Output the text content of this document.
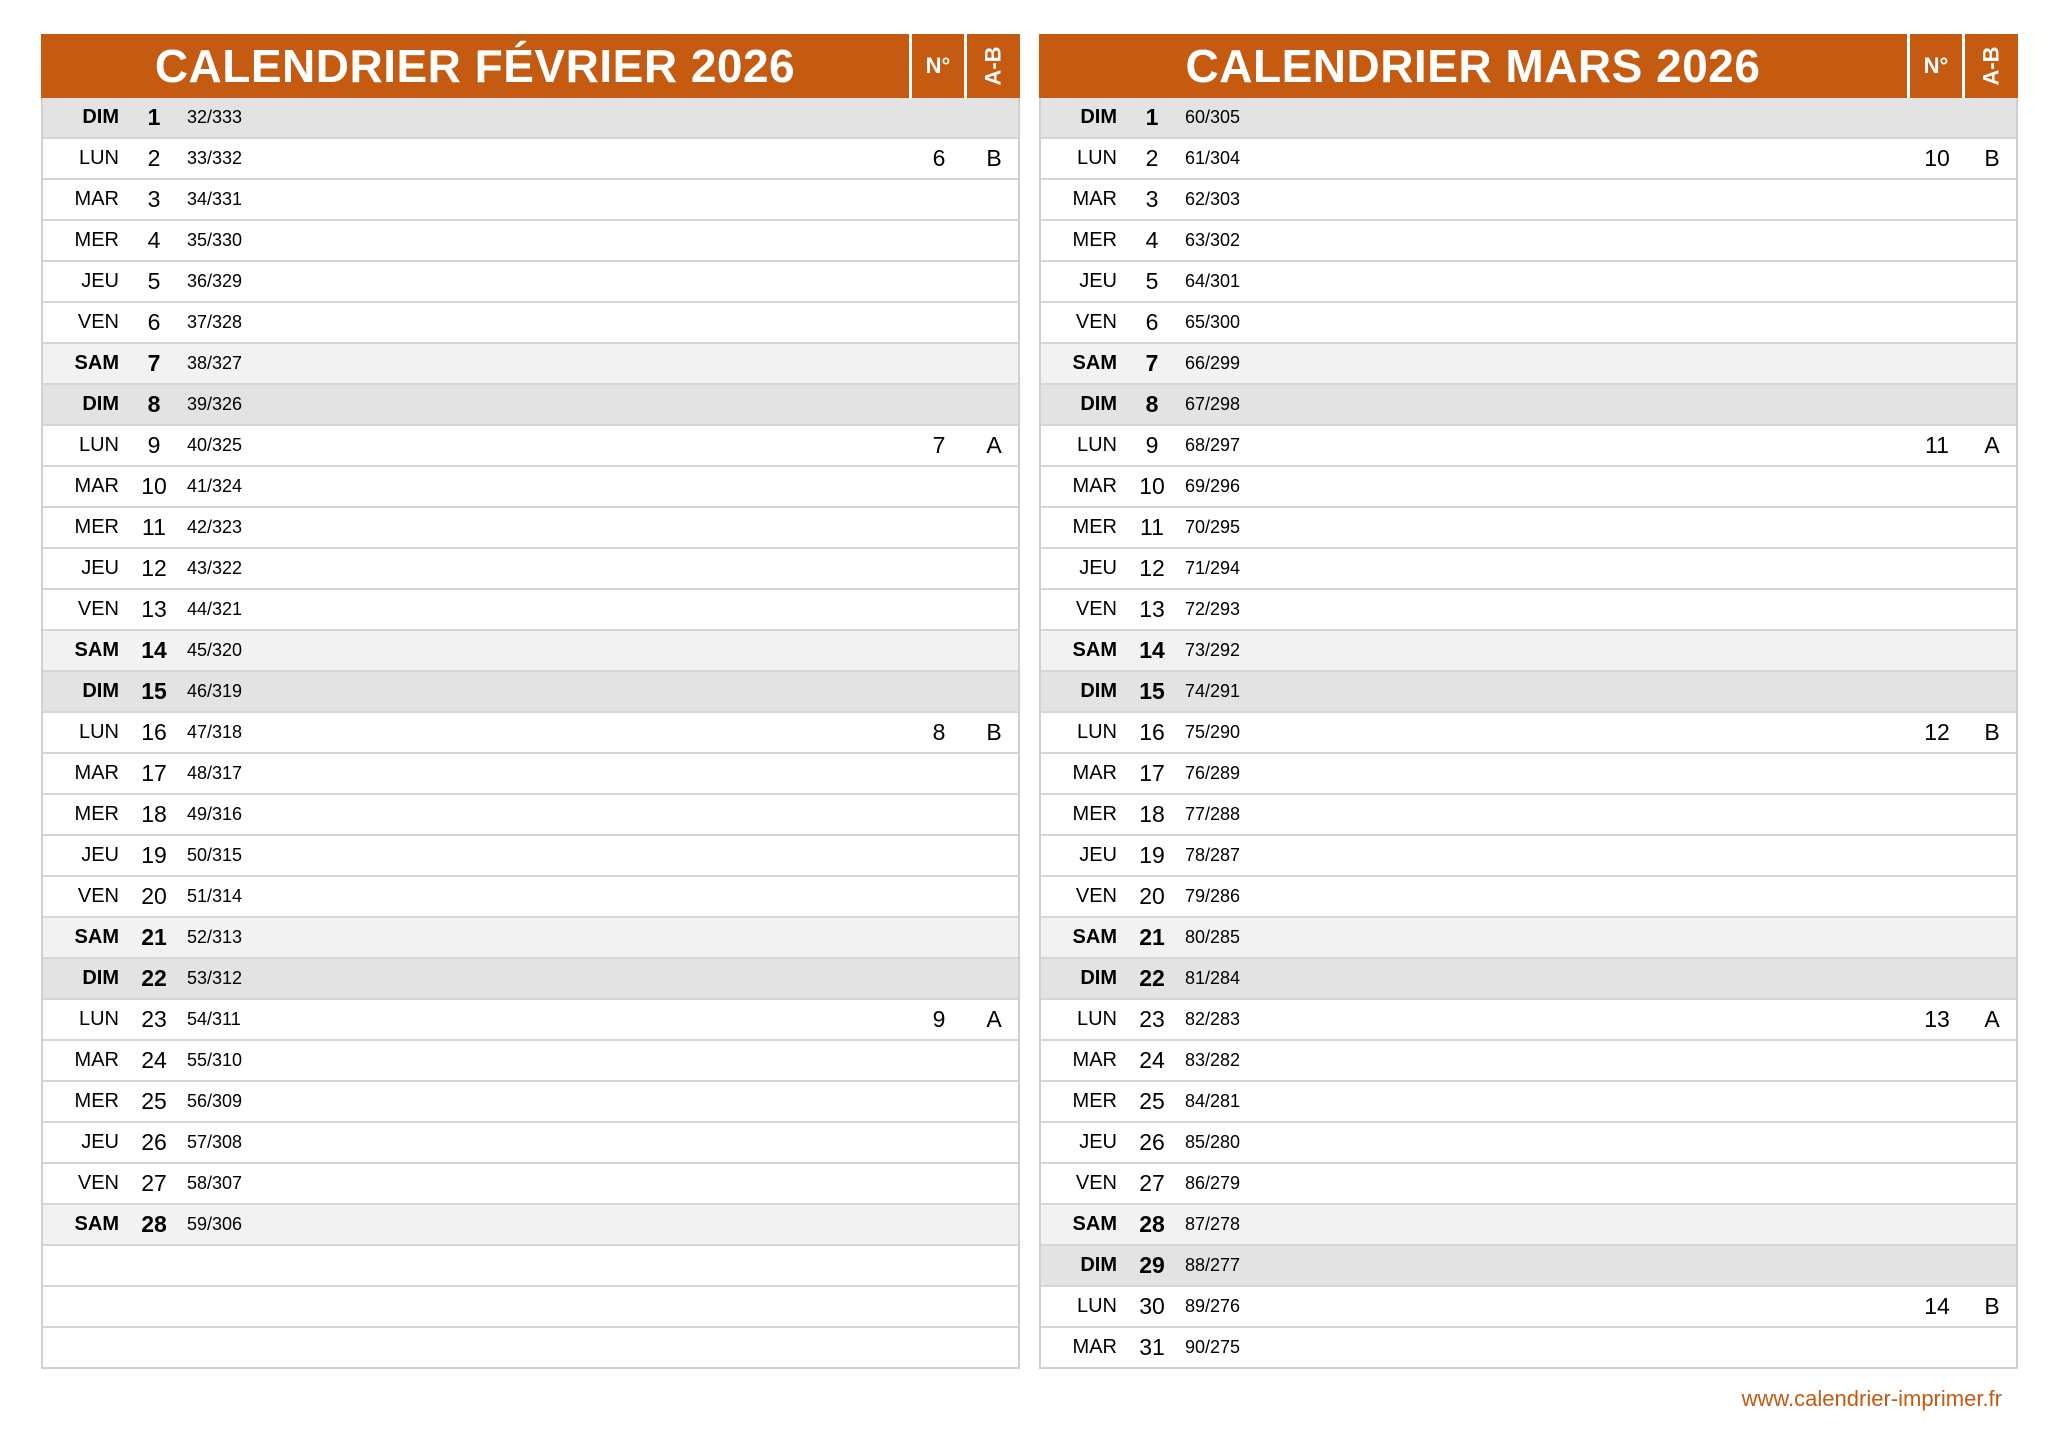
CALENDRIER FÉVRIER 2026	N°	A-B
DIM	1	32/333
LUN	2	33/332	6	B
MAR	3	34/331
MER	4	35/330
JEU	5	36/329
VEN	6	37/328
SAM	7	38/327
DIM	8	39/326
LUN	9	40/325	7	A
MAR 10	41/324
MER	11	42/323
JEU 12	43/322
VEN 13	44/321
SAM 14	45/320
DIM 15	46/319
LUN 16	47/318	8	B
MAR 17	48/317
MER 18	49/316
JEU 19	50/315
VEN 20	51/314
SAM 21	52/313
DIM 22	53/312
LUN 23	54/311	9	A
MAR 24	55/310
MER 25	56/309
JEU 26	57/308
VEN 27	58/307
SAM 28	59/306
CALENDRIER MARS 2026	N°	A-B
DIM	1	60/305
LUN	2	61/304	10	B
MAR	3	62/303
MER	4	63/302
JEU	5	64/301
VEN	6	65/300
SAM	7	66/299
DIM	8	67/298
LUN	9	68/297	11	A
MAR 10	69/296
MER	11	70/295
JEU 12	71/294
VEN 13	72/293
SAM 14	73/292
DIM 15	74/291
LUN 16	75/290	12	B
MAR 17	76/289
MER 18	77/288
JEU 19	78/287
VEN 20	79/286
SAM 21	80/285
DIM 22	81/284
LUN 23	82/283	13	A
MAR 24	83/282
MER 25	84/281
JEU 26	85/280
VEN 27	86/279
SAM 28	87/278
DIM 29	88/277
LUN 30	89/276	14	B
MAR 31	90/275
www.calendrier-imprimer.fr
